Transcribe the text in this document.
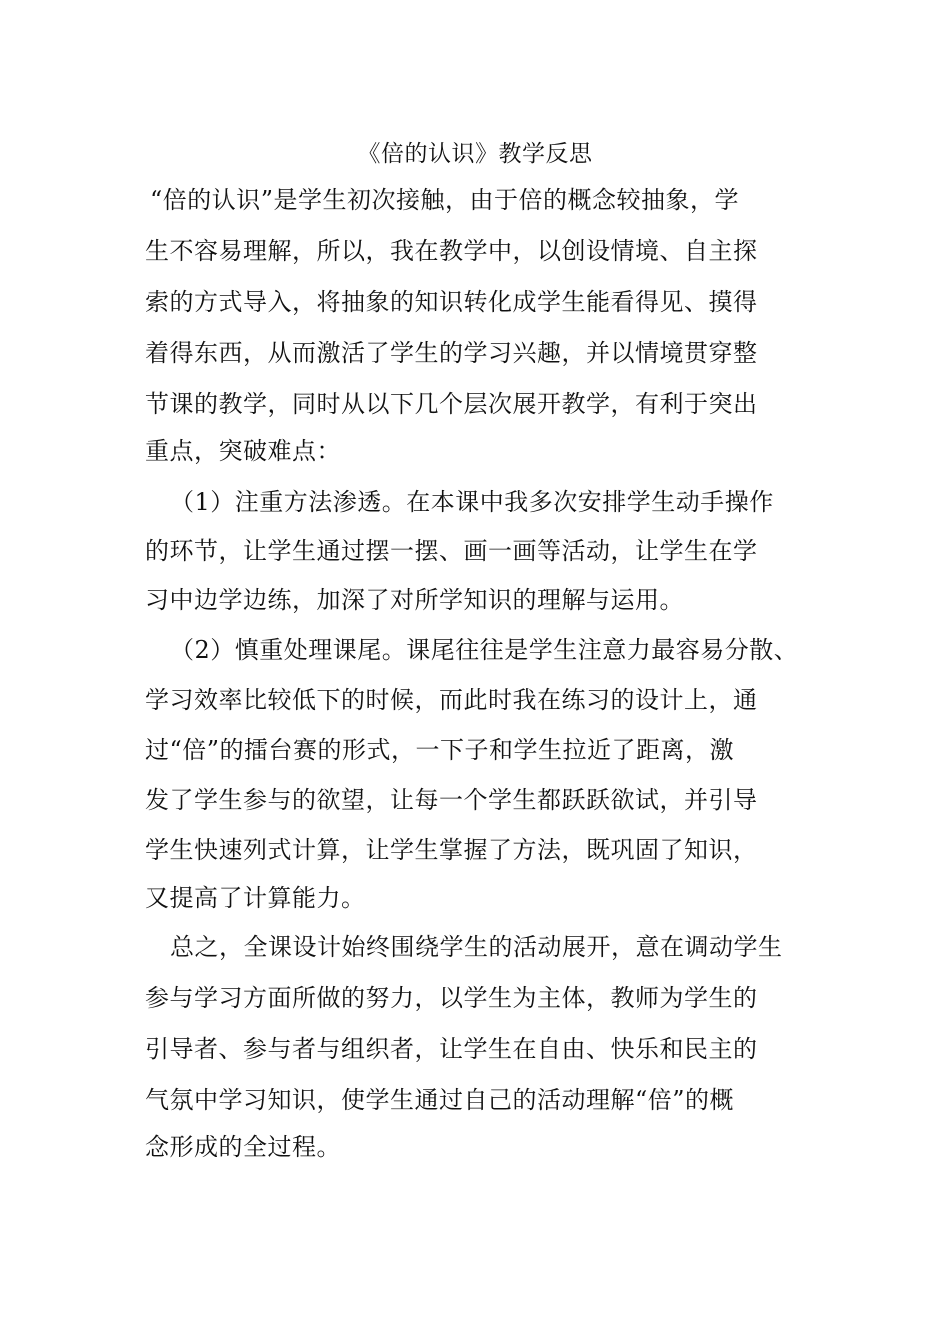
《倍的认识》教学反思
“倍的认识”是学生初次接触，由于倍的概念较抽象，学
生不容易理解，所以，我在教学中，以创设情境、自主探
索的方式导入，将抽象的知识转化成学生能看得见、摸得
着得东西，从而激活了学生的学习兴趣，并以情境贯穿整
节课的教学，同时从以下几个层次展开教学，有利于突出
重点，突破难点：
（1）注重方法渗透。在本课中我多次安排学生动手操作
的环节，让学生通过摆一摆、画一画等活动，让学生在学
习中边学边练，加深了对所学知识的理解与运用。
（2）慎重处理课尾。课尾往往是学生注意力最容易分散、
学习效率比较低下的时候，而此时我在练习的设计上，通
过“倍”的擂台赛的形式，一下子和学生拉近了距离，激
发了学生参与的欲望，让每一个学生都跃跃欲试，并引导
学生快速列式计算，让学生掌握了方法，既巩固了知识，
又提高了计算能力。
总之，全课设计始终围绕学生的活动展开，意在调动学生
参与学习方面所做的努力，以学生为主体，教师为学生的
引导者、参与者与组织者，让学生在自由、快乐和民主的
气氛中学习知识，使学生通过自己的活动理解“倍”的概
念形成的全过程。
